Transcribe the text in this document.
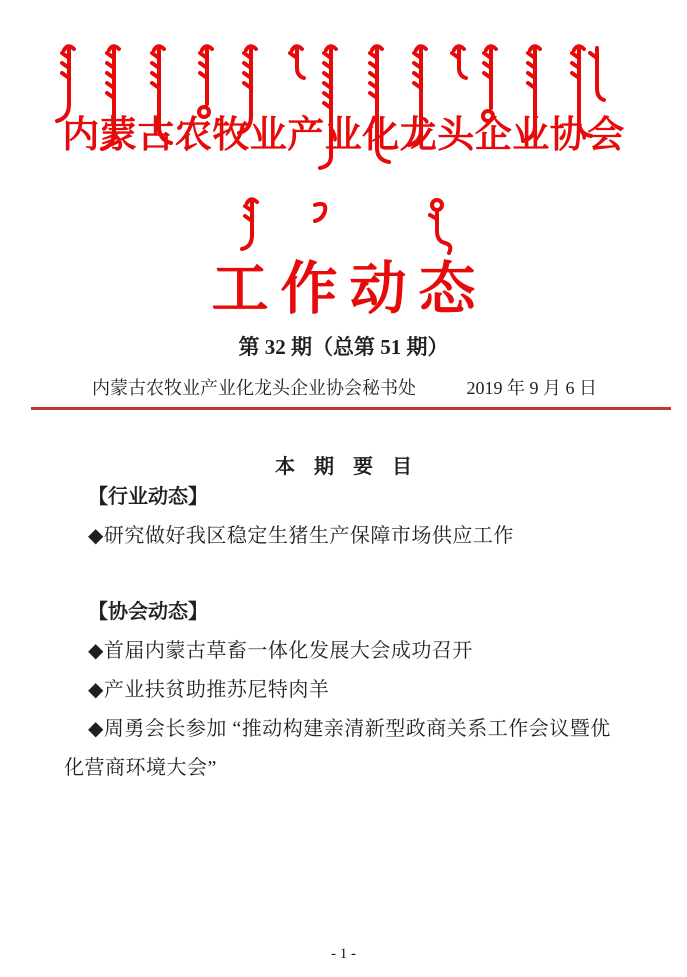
内蒙古农牧业产业化龙头企业协会
工作动态
第 32 期（总第 51 期）
内蒙古农牧业产业化龙头企业协会秘书处	2019 年 9 月 6 日
本 期 要 目
【行业动态】
◆研究做好我区稳定生猪生产保障市场供应工作
【协会动态】
◆首届内蒙古草畜一体化发展大会成功召开
◆产业扶贫助推苏尼特肉羊
◆周勇会长参加 “推动构建亲清新型政商关系工作会议暨优化营商环境大会”
- 1 -
